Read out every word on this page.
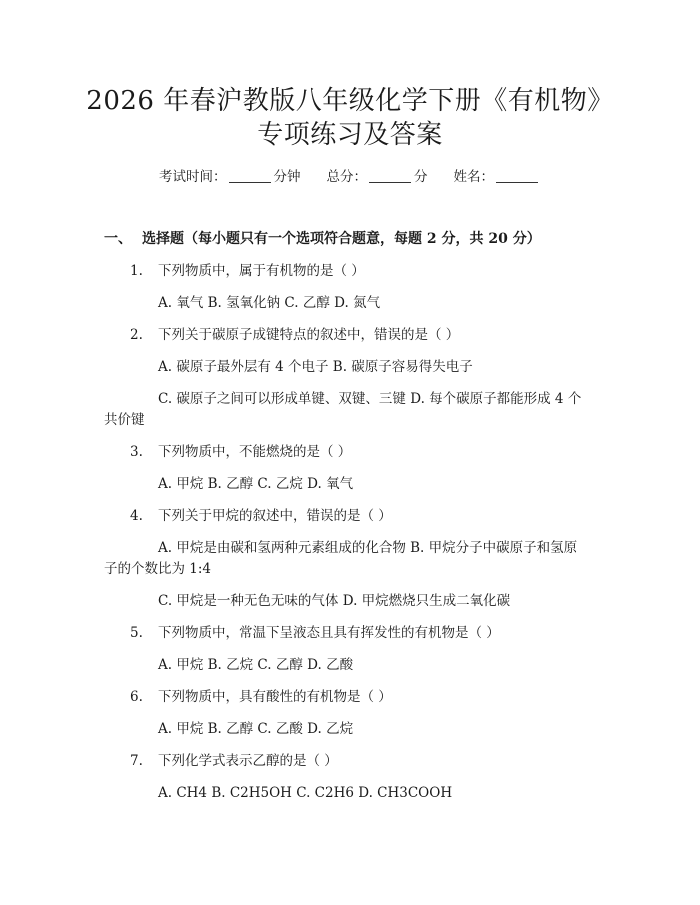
2026 年春沪教版八年级化学下册《有机物》
专项练习及答案
考试时间：	分钟 总分：	分 姓名：
一、 选择题（每小题只有一个选项符合题意，每题 2 分，共 20 分）
1. 下列物质中，属于有机物的是（ ）
A. 氧气 B. 氢氧化钠 C. 乙醇 D. 氮气
2. 下列关于碳原子成键特点的叙述中，错误的是（ ）
A. 碳原子最外层有 4 个电子 B. 碳原子容易得失电子
C. 碳原子之间可以形成单键、双键、三键 D. 每个碳原子都能形成 4 个
共价键
3. 下列物质中，不能燃烧的是（ ）
A. 甲烷 B. 乙醇 C. 乙烷 D. 氧气
4. 下列关于甲烷的叙述中，错误的是（ ）
A. 甲烷是由碳和氢两种元素组成的化合物 B. 甲烷分子中碳原子和氢原
子的个数比为 1:4
C. 甲烷是一种无色无味的气体 D. 甲烷燃烧只生成二氧化碳
5. 下列物质中，常温下呈液态且具有挥发性的有机物是（ ）
A. 甲烷 B. 乙烷 C. 乙醇 D. 乙酸
6. 下列物质中，具有酸性的有机物是（ ）
A. 甲烷 B. 乙醇 C. 乙酸 D. 乙烷
7. 下列化学式表示乙醇的是（ ）
A. CH4 B. C2H5OH C. C2H6 D. CH3COOH
